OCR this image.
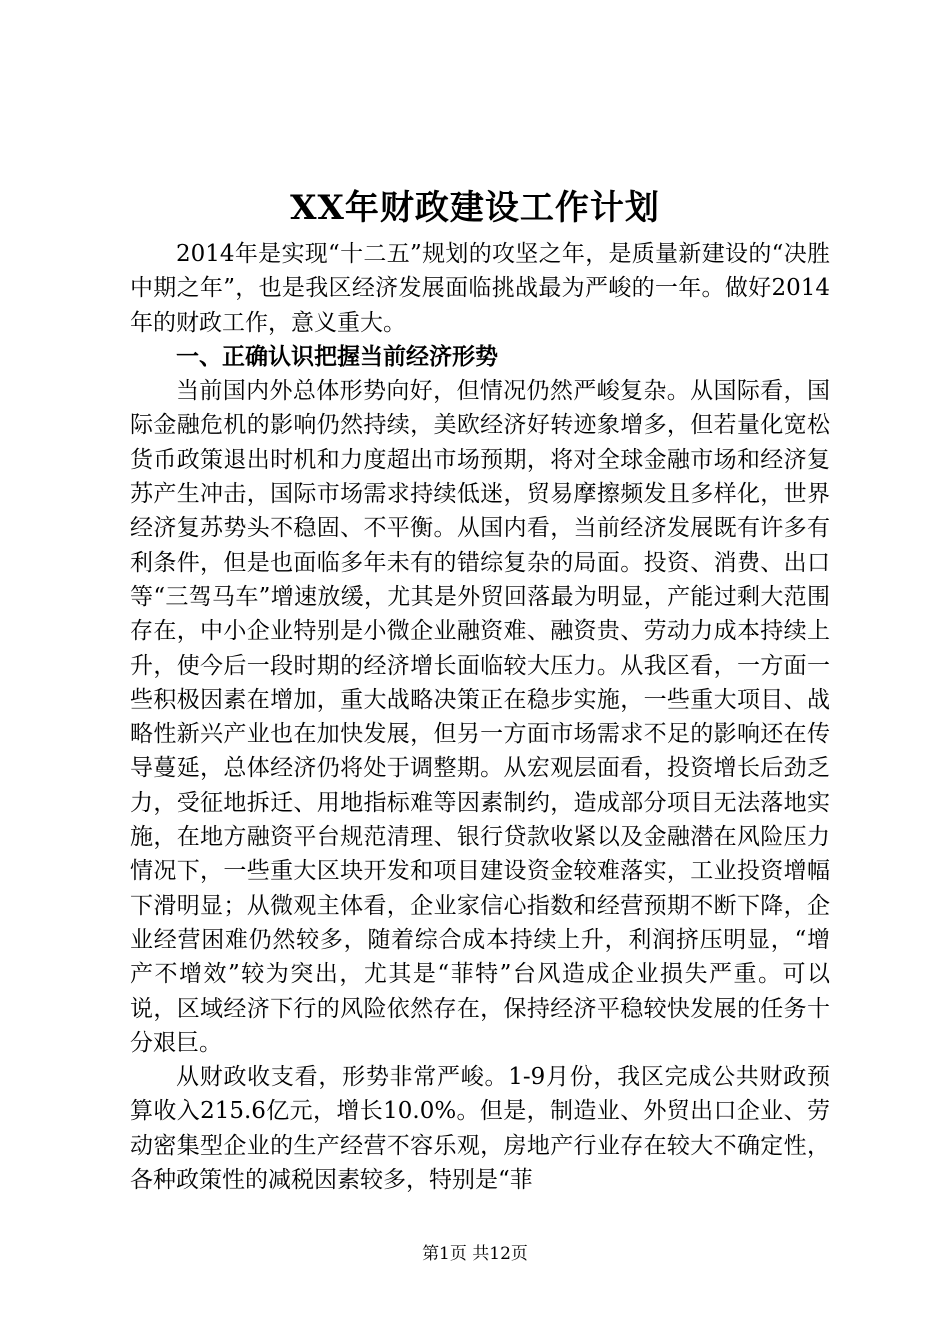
XX年财政建设工作计划

2014年是实现“十二五”规划的攻坚之年，是质量新建设的“决胜中期之年”，也是我区经济发展面临挑战最为严峻的一年。做好2014年的财政工作，意义重大。

一、正确认识把握当前经济形势

当前国内外总体形势向好，但情况仍然严峻复杂。从国际看，国际金融危机的影响仍然持续，美欧经济好转迹象增多，但若量化宽松货币政策退出时机和力度超出市场预期，将对全球金融市场和经济复苏产生冲击，国际市场需求持续低迷，贸易摩擦频发且多样化，世界经济复苏势头不稳固、不平衡。从国内看，当前经济发展既有许多有利条件，但是也面临多年未有的错综复杂的局面。投资、消费、出口等“三驾马车”增速放缓，尤其是外贸回落最为明显，产能过剩大范围存在，中小企业特别是小微企业融资难、融资贵、劳动力成本持续上升，使今后一段时期的经济增长面临较大压力。从我区看，一方面一些积极因素在增加，重大战略决策正在稳步实施，一些重大项目、战略性新兴产业也在加快发展，但另一方面市场需求不足的影响还在传导蔓延，总体经济仍将处于调整期。从宏观层面看，投资增长后劲乏力，受征地拆迁、用地指标难等因素制约，造成部分项目无法落地实施，在地方融资平台规范清理、银行贷款收紧以及金融潜在风险压力情况下，一些重大区块开发和项目建设资金较难落实，工业投资增幅下滑明显；从微观主体看，企业家信心指数和经营预期不断下降，企业经营困难仍然较多，随着综合成本持续上升，利润挤压明显，“增产不增效”较为突出，尤其是“菲特”台风造成企业损失严重。可以说，区域经济下行的风险依然存在，保持经济平稳较快发展的任务十分艰巨。

从财政收支看，形势非常严峻。1-9月份，我区完成公共财政预算收入215.6亿元，增长10.0%。但是，制造业、外贸出口企业、劳动密集型企业的生产经营不容乐观，房地产行业存在较大不确定性，各种政策性的减税因素较多，特别是“菲

第1页 共12页
